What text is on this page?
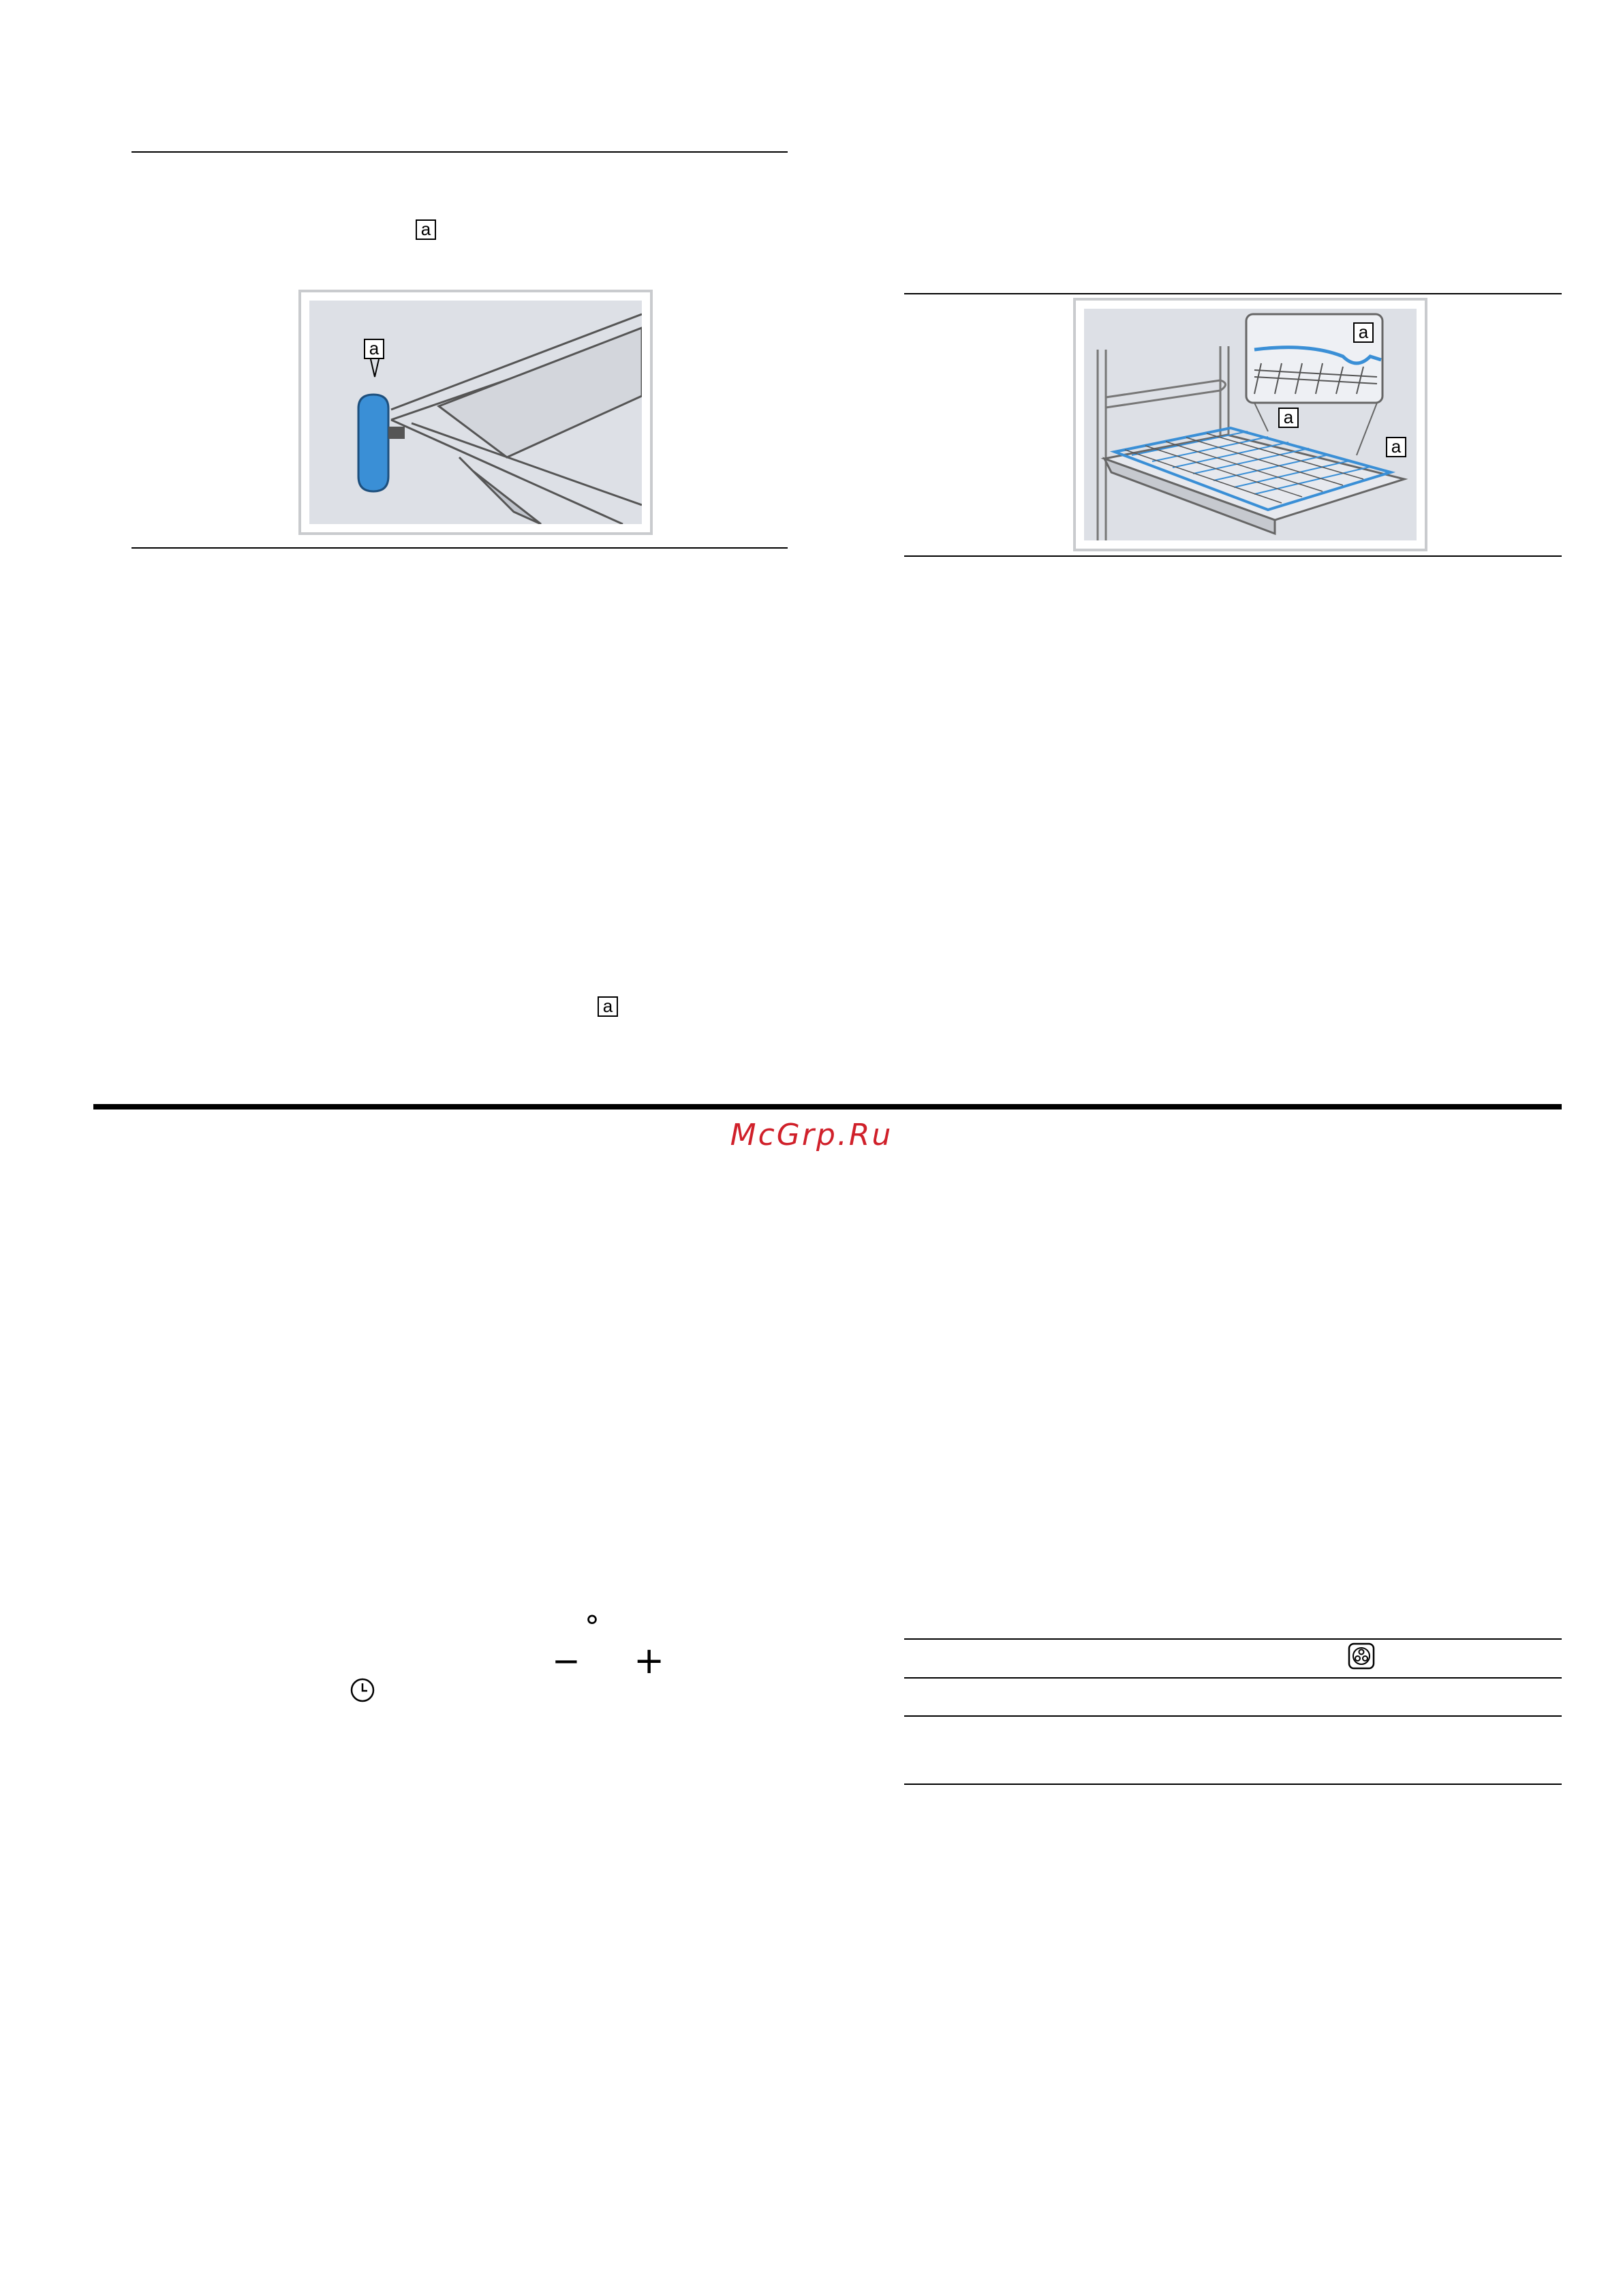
a
a
a
a
a
a
McGrp.Ru
°
− +
